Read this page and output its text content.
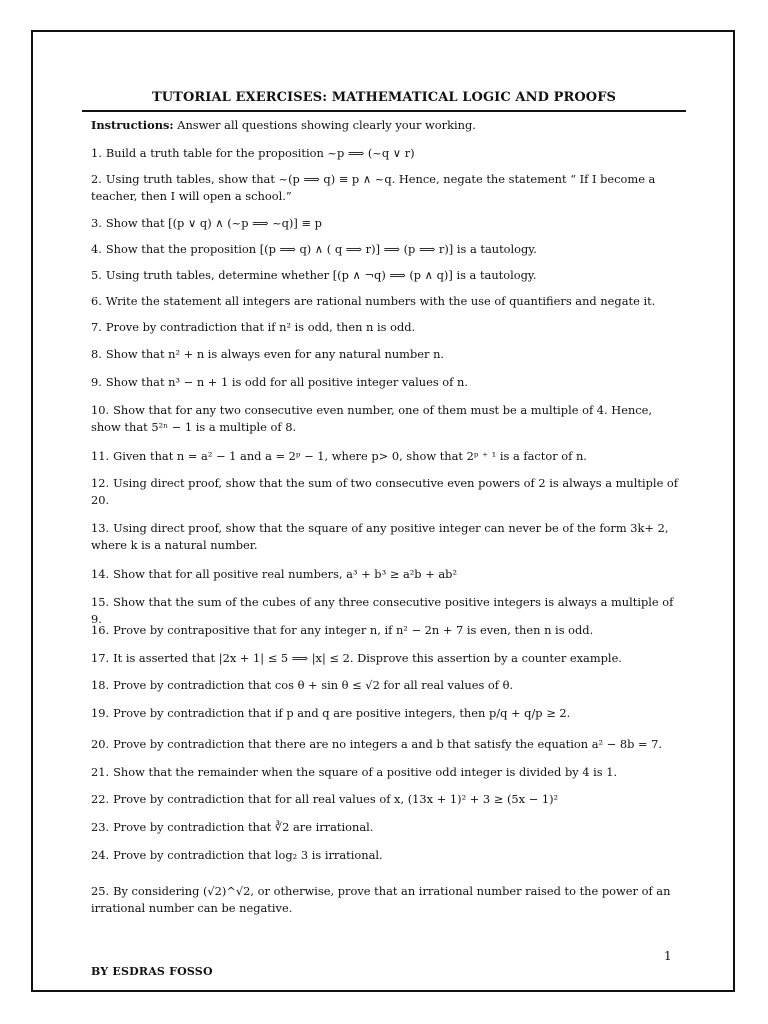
TUTORIAL EXERCISES: MATHEMATICAL LOGIC AND PROOFS
Instructions: Answer all questions showing clearly your working.
1. Build a truth table for the proposition ~p ⟹ (~q ∨ r)
2. Using truth tables, show that ~(p ⟹ q) ≡ p ∧ ~q. Hence, negate the statement “ If I become a teacher, then I will open a school.”
3. Show that [(p ∨ q) ∧ (~p ⟹ ~q)] ≡ p
4. Show that the proposition [(p ⟹ q) ∧ ( q ⟹ r)] ⟹ (p ⟹ r)] is a tautology.
5. Using truth tables, determine whether [(p ∧ ¬q) ⟹ (p ∧ q)] is a tautology.
6. Write the statement all integers are rational numbers with the use of quantifiers and negate it.
7. Prove by contradiction that if n² is odd, then n is odd.
8. Show that n² + n is always even for any natural number n.
9. Show that n³ − n + 1 is odd for all positive integer values of n.
10. Show that for any two consecutive even number, one of them must be a multiple of 4. Hence, show that 5²ⁿ − 1 is a multiple of 8.
11. Given that n = a² − 1 and a = 2ᵖ − 1, where p> 0, show that 2ᵖ ⁺ ¹ is a factor of n.
12. Using direct proof, show that the sum of two consecutive even powers of 2 is always a multiple of 20.
13. Using direct proof, show that the square of any positive integer can never be of the form 3k+ 2, where k is a natural number.
14. Show that for all positive real numbers, a³ + b³ ≥ a²b + ab²
15. Show that the sum of the cubes of any three consecutive positive integers is always a multiple of 9.
16. Prove by contrapositive that for any integer n, if n² − 2n + 7 is even, then n is odd.
17. It is asserted that |2x + 1| ≤ 5 ⟹ |x| ≤ 2. Disprove this assertion by a counter example.
18. Prove by contradiction that cos θ + sin θ ≤ √2 for all real values of θ.
19. Prove by contradiction that if p and q are positive integers, then p/q + q/p ≥ 2.
20. Prove by contradiction that there are no integers a and b that satisfy the equation a² − 8b = 7.
21. Show that the remainder when the square of a positive odd integer is divided by 4 is 1.
22. Prove by contradiction that for all real values of x, (13x + 1)² + 3 ≥ (5x − 1)²
23. Prove by contradiction that ∛2 are irrational.
24. Prove by contradiction that log₂ 3 is irrational.
25. By considering (√2)^√2, or otherwise, prove that an irrational number raised to the power of an irrational number can be negative.
1
BY ESDRAS FOSSO
